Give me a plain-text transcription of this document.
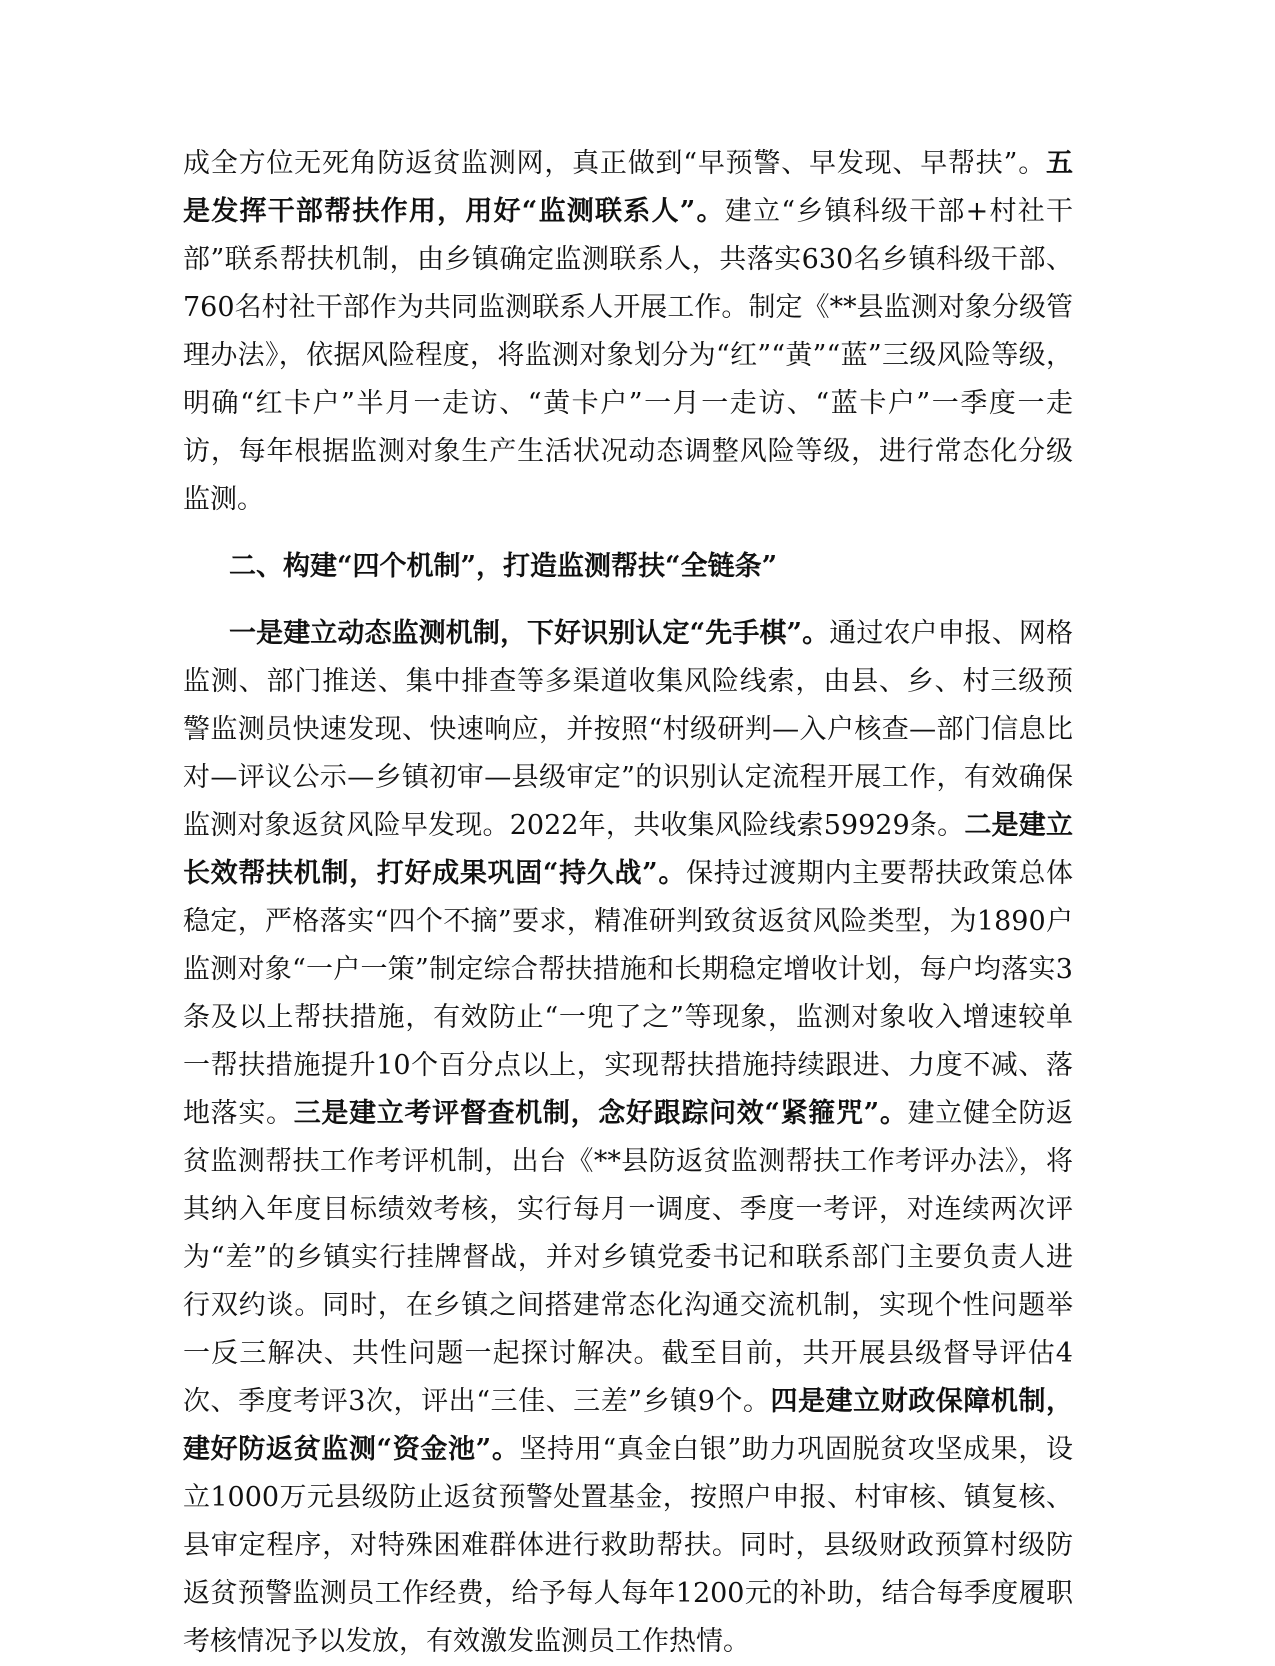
成全方位无死角防返贫监测网，真正做到“早预警、早发现、早帮扶”。五是发挥干部帮扶作用，用好“监测联系人”。建立“乡镇科级干部+村社干部”联系帮扶机制，由乡镇确定监测联系人，共落实630名乡镇科级干部、760名村社干部作为共同监测联系人开展工作。制定《**县监测对象分级管理办法》，依据风险程度，将监测对象划分为“红”“黄”“蓝”三级风险等级，明确“红卡户”半月一走访、“黄卡户”一月一走访、“蓝卡户”一季度一走访，每年根据监测对象生产生活状况动态调整风险等级，进行常态化分级监测。

二、构建“四个机制”，打造监测帮扶“全链条”

一是建立动态监测机制，下好识别认定“先手棋”。通过农户申报、网格监测、部门推送、集中排查等多渠道收集风险线索，由县、乡、村三级预警监测员快速发现、快速响应，并按照“村级研判—入户核查—部门信息比对—评议公示—乡镇初审—县级审定”的识别认定流程开展工作，有效确保监测对象返贫风险早发现。2022年，共收集风险线索59929条。二是建立长效帮扶机制，打好成果巩固“持久战”。保持过渡期内主要帮扶政策总体稳定，严格落实“四个不摘”要求，精准研判致贫返贫风险类型，为1890户监测对象“一户一策”制定综合帮扶措施和长期稳定增收计划，每户均落实3条及以上帮扶措施，有效防止“一兜了之”等现象，监测对象收入增速较单一帮扶措施提升10个百分点以上，实现帮扶措施持续跟进、力度不减、落地落实。三是建立考评督查机制，念好跟踪问效“紧箍咒”。建立健全防返贫监测帮扶工作考评机制，出台《**县防返贫监测帮扶工作考评办法》，将其纳入年度目标绩效考核，实行每月一调度、季度一考评，对连续两次评为“差”的乡镇实行挂牌督战，并对乡镇党委书记和联系部门主要负责人进行双约谈。同时，在乡镇之间搭建常态化沟通交流机制，实现个性问题举一反三解决、共性问题一起探讨解决。截至目前，共开展县级督导评估4次、季度考评3次，评出“三佳、三差”乡镇9个。四是建立财政保障机制，建好防返贫监测“资金池”。坚持用“真金白银”助力巩固脱贫攻坚成果，设立1000万元县级防止返贫预警处置基金，按照户申报、村审核、镇复核、县审定程序，对特殊困难群体进行救助帮扶。同时，县级财政预算村级防返贫预警监测员工作经费，给予每人每年1200元的补助，结合每季度履职考核情况予以发放，有效激发监测员工作热情。
